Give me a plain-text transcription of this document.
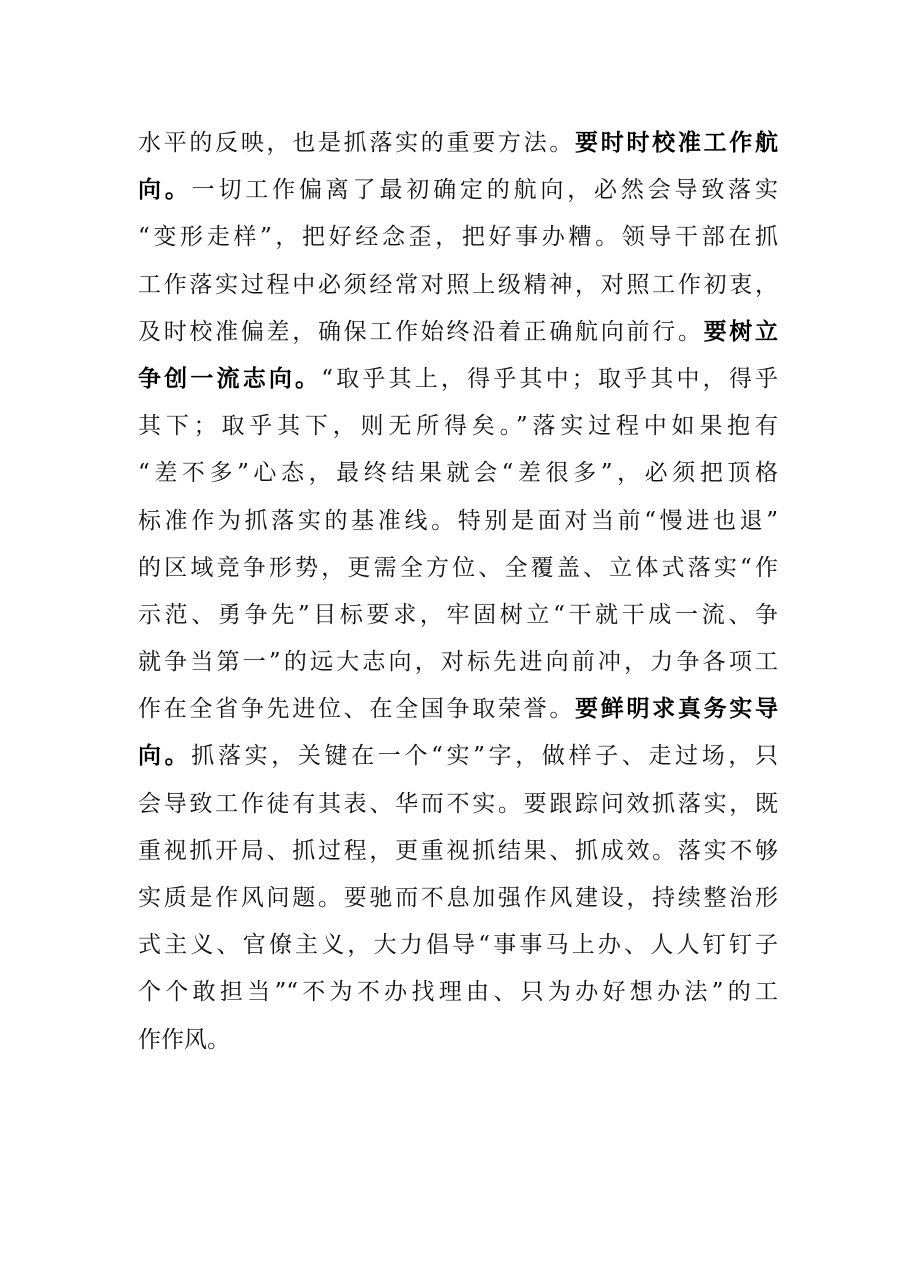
水平的反映，也是抓落实的重要方法。要时时校准工作航
向。一切工作偏离了最初确定的航向，必然会导致落实
“变形走样”，把好经念歪，把好事办糟。领导干部在抓
工作落实过程中必须经常对照上级精神，对照工作初衷，
及时校准偏差，确保工作始终沿着正确航向前行。要树立
争创一流志向。“取乎其上，得乎其中；取乎其中，得乎
其下；取乎其下，则无所得矣。”落实过程中如果抱有
“差不多”心态，最终结果就会“差很多”，必须把顶格
标准作为抓落实的基准线。特别是面对当前“慢进也退”
的区域竞争形势，更需全方位、全覆盖、立体式落实“作
示范、勇争先”目标要求，牢固树立“干就干成一流、争
就争当第一”的远大志向，对标先进向前冲，力争各项工
作在全省争先进位、在全国争取荣誉。要鲜明求真务实导
向。抓落实，关键在一个“实”字，做样子、走过场，只
会导致工作徒有其表、华而不实。要跟踪问效抓落实，既
重视抓开局、抓过程，更重视抓结果、抓成效。落实不够
实质是作风问题。要驰而不息加强作风建设，持续整治形
式主义、官僚主义，大力倡导“事事马上办、人人钉钉子
个个敢担当”“不为不办找理由、只为办好想办法”的工
作作风。
